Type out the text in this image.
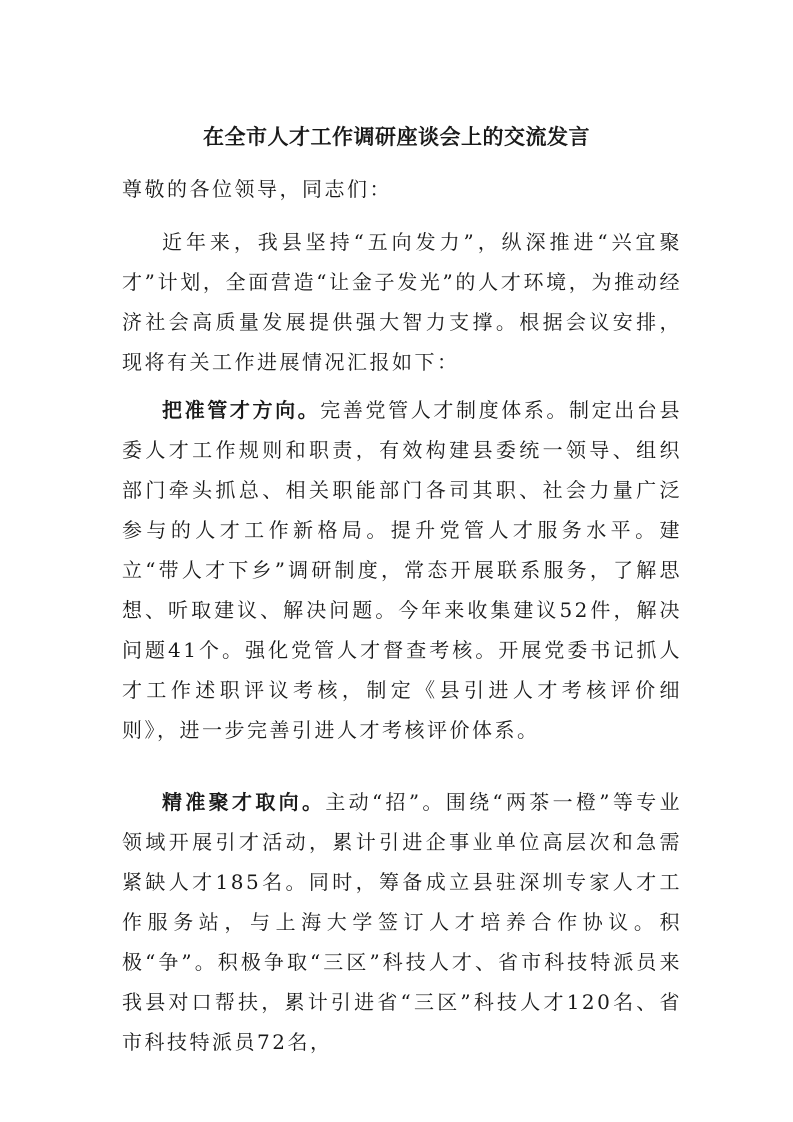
在全市人才工作调研座谈会上的交流发言
尊敬的各位领导，同志们：

近年来，我县坚持“五向发力”，纵深推进“兴宜聚才”计划，全面营造“让金子发光”的人才环境，为推动经济社会高质量发展提供强大智力支撑。根据会议安排，现将有关工作进展情况汇报如下：

把准管才方向。完善党管人才制度体系。制定出台县委人才工作规则和职责，有效构建县委统一领导、组织部门牵头抓总、相关职能部门各司其职、社会力量广泛参与的人才工作新格局。提升党管人才服务水平。建立“带人才下乡”调研制度，常态开展联系服务，了解思想、听取建议、解决问题。今年来收集建议52件，解决问题41个。强化党管人才督查考核。开展党委书记抓人才工作述职评议考核，制定《县引进人才考核评价细则》，进一步完善引进人才考核评价体系。

精准聚才取向。主动“招”。围绕“两茶一橙”等专业领域开展引才活动，累计引进企事业单位高层次和急需紧缺人才185名。同时，筹备成立县驻深圳专家人才工作服务站，与上海大学签订人才培养合作协议。积极“争”。积极争取“三区”科技人才、省市科技特派员来我县对口帮扶，累计引进省“三区”科技人才120名、省市科技特派员72名，
